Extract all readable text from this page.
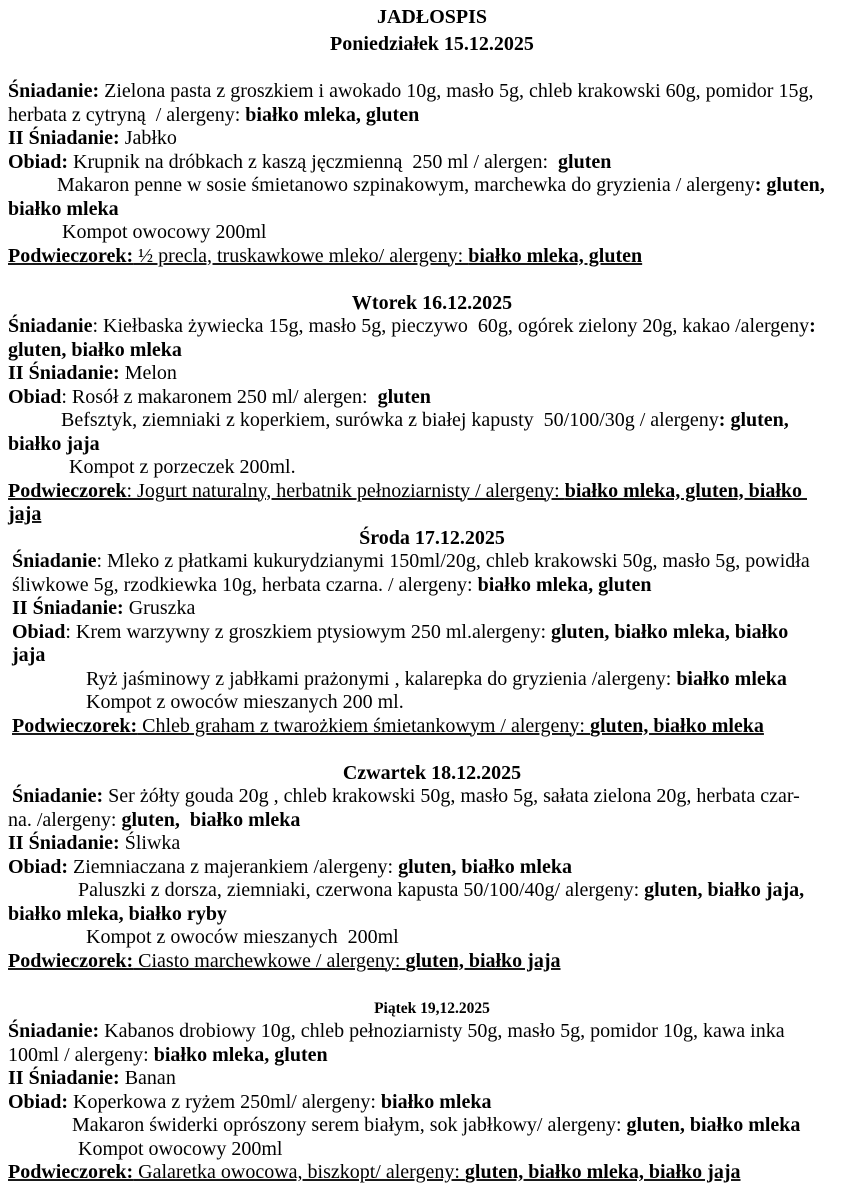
JADŁOSPIS
Poniedziałek 15.12.2025
Śniadanie: Zielona pasta z groszkiem i awokado 10g, masło 5g, chleb krakowski 60g, pomidor 15g,
herbata z cytryną  / alergeny: białko mleka, gluten
II Śniadanie: Jabłko
Obiad: Krupnik na dróbkach z kaszą jęczmienną  250 ml / alergen:  gluten
Makaron penne w sosie śmietanowo szpinakowym, marchewka do gryzienia / alergeny: gluten,
białko mleka
Kompot owocowy 200ml
Podwieczorek: ½ precla, truskawkowe mleko/ alergeny: białko mleka, gluten
Wtorek 16.12.2025
Śniadanie: Kiełbaska żywiecka 15g, masło 5g, pieczywo  60g, ogórek zielony 20g, kakao /alergeny:
gluten, białko mleka
II Śniadanie: Melon
Obiad: Rosół z makaronem 250 ml/ alergen:  gluten
Befsztyk, ziemniaki z koperkiem, surówka z białej kapusty  50/100/30g / alergeny: gluten,
białko jaja
Kompot z porzeczek 200ml.
Podwieczorek: Jogurt naturalny, herbatnik pełnoziarnisty / alergeny: białko mleka, gluten, białko
jaja
Środa 17.12.2025
Śniadanie: Mleko z płatkami kukurydzianymi 150ml/20g, chleb krakowski 50g, masło 5g, powidła
śliwkowe 5g, rzodkiewka 10g, herbata czarna. / alergeny: białko mleka, gluten
II Śniadanie: Gruszka
Obiad: Krem warzywny z groszkiem ptysiowym 250 ml.alergeny: gluten, białko mleka, białko
jaja
Ryż jaśminowy z jabłkami prażonymi , kalarepka do gryzienia /alergeny: białko mleka
Kompot z owoców mieszanych 200 ml.
Podwieczorek: Chleb graham z twarożkiem śmietankowym / alergeny: gluten, białko mleka
Czwartek 18.12.2025
Śniadanie: Ser żółty gouda 20g , chleb krakowski 50g, masło 5g, sałata zielona 20g, herbata czar-
na. /alergeny: gluten,  białko mleka
II Śniadanie: Śliwka
Obiad: Ziemniaczana z majerankiem /alergeny: gluten, białko mleka
Paluszki z dorsza, ziemniaki, czerwona kapusta 50/100/40g/ alergeny: gluten, białko jaja,
białko mleka, białko ryby
Kompot z owoców mieszanych  200ml
Podwieczorek: Ciasto marchewkowe / alergeny: gluten, białko jaja
Piątek 19,12.2025
Śniadanie: Kabanos drobiowy 10g, chleb pełnoziarnisty 50g, masło 5g, pomidor 10g, kawa inka
100ml / alergeny: białko mleka, gluten
II Śniadanie: Banan
Obiad: Koperkowa z ryżem 250ml/ alergeny: białko mleka
Makaron świderki oprószony serem białym, sok jabłkowy/ alergeny: gluten, białko mleka
Kompot owocowy 200ml
Podwieczorek: Galaretka owocowa, biszkopt/ alergeny: gluten, białko mleka, białko jaja
